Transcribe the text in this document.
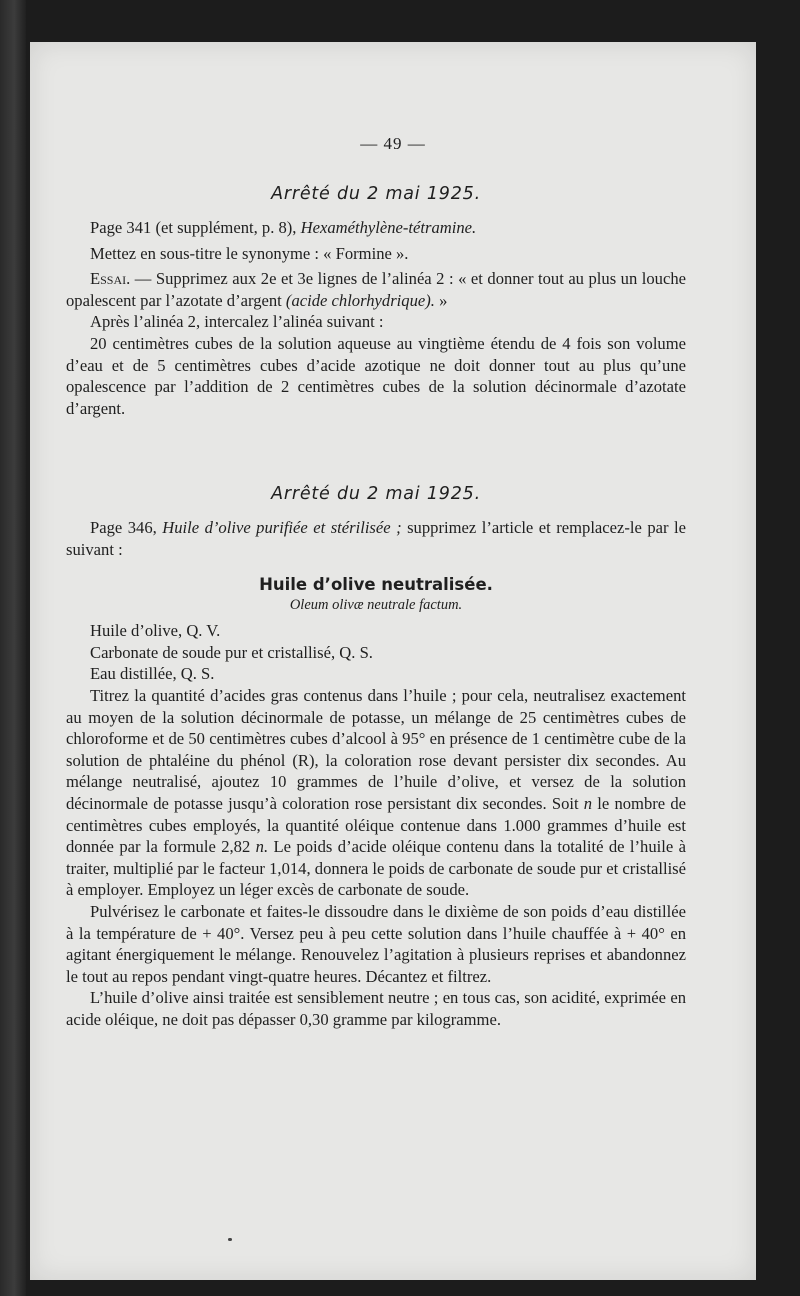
— 49 —
Arrêté du 2 mai 1925.

Page 341 (et supplément, p. 8), Hexaméthylène-tétramine.

Mettez en sous-titre le synonyme : « Formine ».

Essai. — Supprimez aux 2e et 3e lignes de l’alinéa 2 : « et donner tout au plus un louche opalescent par l’azotate d’argent (acide chlorhydrique). »

Après l’alinéa 2, intercalez l’alinéa suivant :

20 centimètres cubes de la solution aqueuse au vingtième étendu de 4 fois son volume d’eau et de 5 centimètres cubes d’acide azotique ne doit donner tout au plus qu’une opalescence par l’addition de 2 centimètres cubes de la solution décinormale d’azotate d’argent.

Arrêté du 2 mai 1925.

Page 346, Huile d’olive purifiée et stérilisée ; supprimez l’article et remplacez-le par le suivant :

Huile d’olive neutralisée.
Oleum olivæ neutrale factum.
Huile d’olive, Q. V.
Carbonate de soude pur et cristallisé, Q. S.
Eau distillée, Q. S.

Titrez la quantité d’acides gras contenus dans l’huile ; pour cela, neutralisez exactement au moyen de la solution décinormale de potasse, un mélange de 25 centimètres cubes de chloroforme et de 50 centimètres cubes d’alcool à 95° en présence de 1 centimètre cube de la solution de phtaléine du phénol (R), la coloration rose devant persister dix secondes. Au mélange neutralisé, ajoutez 10 grammes de l’huile d’olive, et versez de la solution décinormale de potasse jusqu’à coloration rose persistant dix secondes. Soit n le nombre de centimètres cubes employés, la quantité oléique contenue dans 1.000 grammes d’huile est donnée par la formule 2,82 n. Le poids d’acide oléique contenu dans la totalité de l’huile à traiter, multiplié par le facteur 1,014, donnera le poids de carbonate de soude pur et cristallisé à employer. Employez un léger excès de carbonate de soude.

Pulvérisez le carbonate et faites-le dissoudre dans le dixième de son poids d’eau distillée à la température de + 40°. Versez peu à peu cette solution dans l’huile chauffée à + 40° en agitant énergiquement le mélange. Renouvelez l’agitation à plusieurs reprises et abandonnez le tout au repos pendant vingt-quatre heures. Décantez et filtrez.

L’huile d’olive ainsi traitée est sensiblement neutre ; en tous cas, son acidité, exprimée en acide oléique, ne doit pas dépasser 0,30 gramme par kilogramme.
